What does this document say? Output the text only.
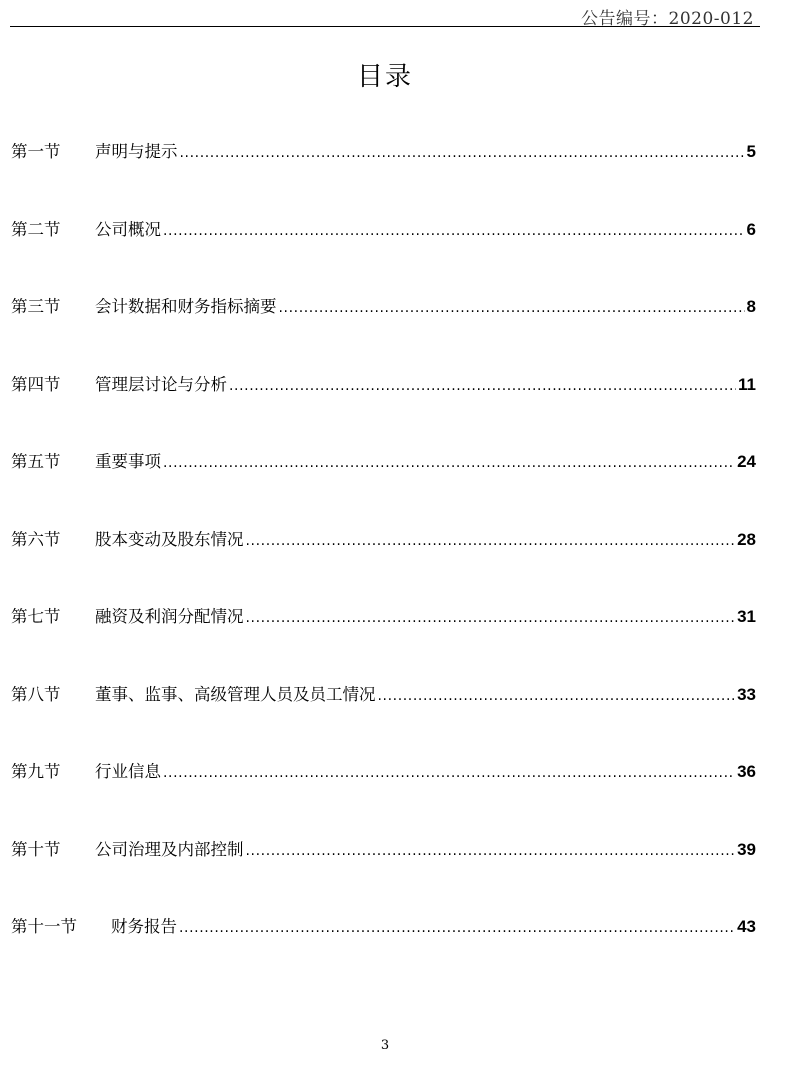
公告编号：2020-012
目录
第一节	声明与提示 .....	5
第二节	公司概况 .....	6
第三节	会计数据和财务指标摘要 .....	8
第四节	管理层讨论与分析 .....	11
第五节	重要事项 .....	24
第六节	股本变动及股东情况 .....	28
第七节	融资及利润分配情况 .....	31
第八节	董事、监事、高级管理人员及员工情况 .....	33
第九节	行业信息 .....	36
第十节	公司治理及内部控制 .....	39
第十一节	财务报告 .....	43
3
